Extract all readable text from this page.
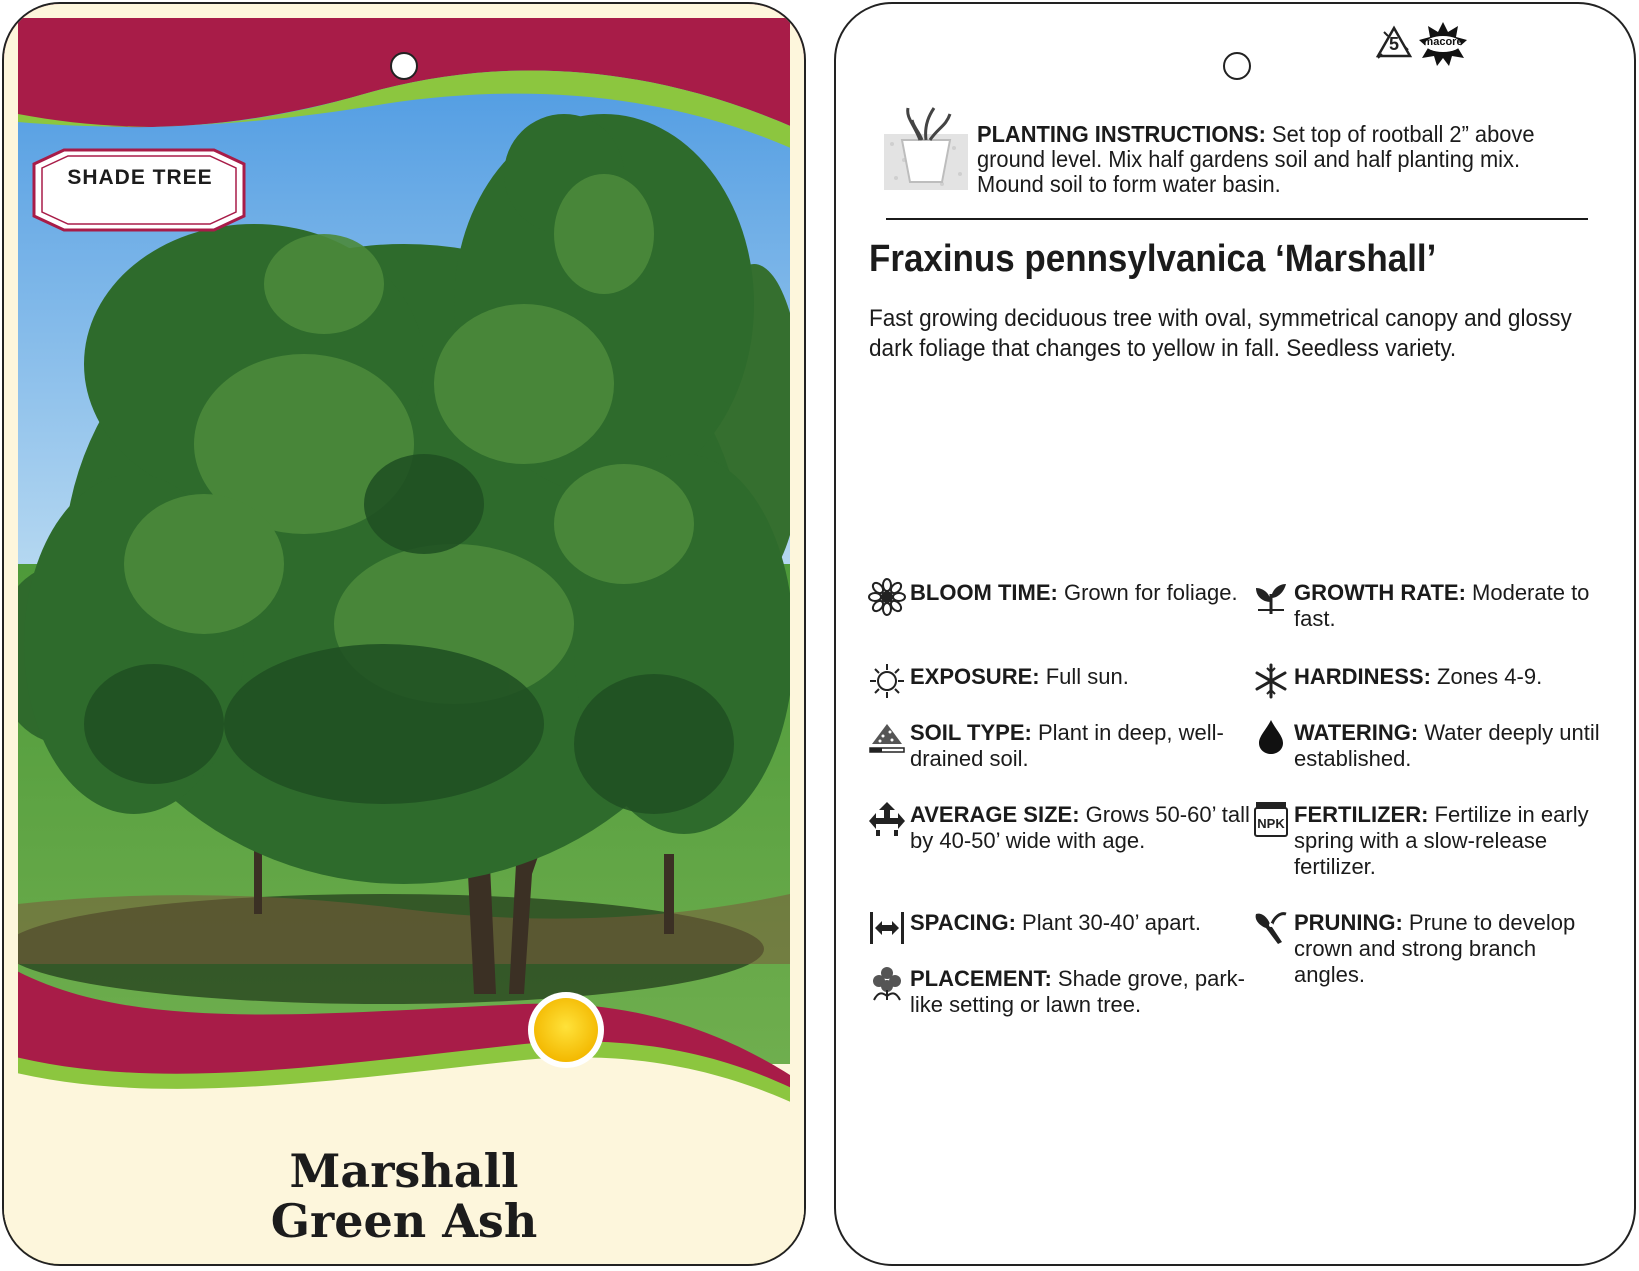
SHADE TREE
Marshall
Green Ash
5	macore
PLANTING INSTRUCTIONS: Set top of rootball 2” above ground level. Mix half gardens soil and half planting mix. Mound soil to form water basin.
Fraxinus pennsylvanica ‘Marshall’
Fast growing deciduous tree with oval, symmetrical canopy and glossy dark foliage that changes to yellow in fall. Seedless variety.
BLOOM TIME: Grown for foliage.
EXPOSURE: Full sun.
SOIL TYPE: Plant in deep, well-drained soil.
AVERAGE SIZE: Grows 50-60’ tall by 40-50’ wide with age.
SPACING: Plant 30-40’ apart.
PLACEMENT: Shade grove, park-like setting or lawn tree.
GROWTH RATE: Moderate to fast.
HARDINESS: Zones 4-9.
WATERING: Water deeply until established.
NPK FERTILIZER: Fertilize in early spring with a slow-release fertilizer.
PRUNING: Prune to develop crown and strong branch angles.
